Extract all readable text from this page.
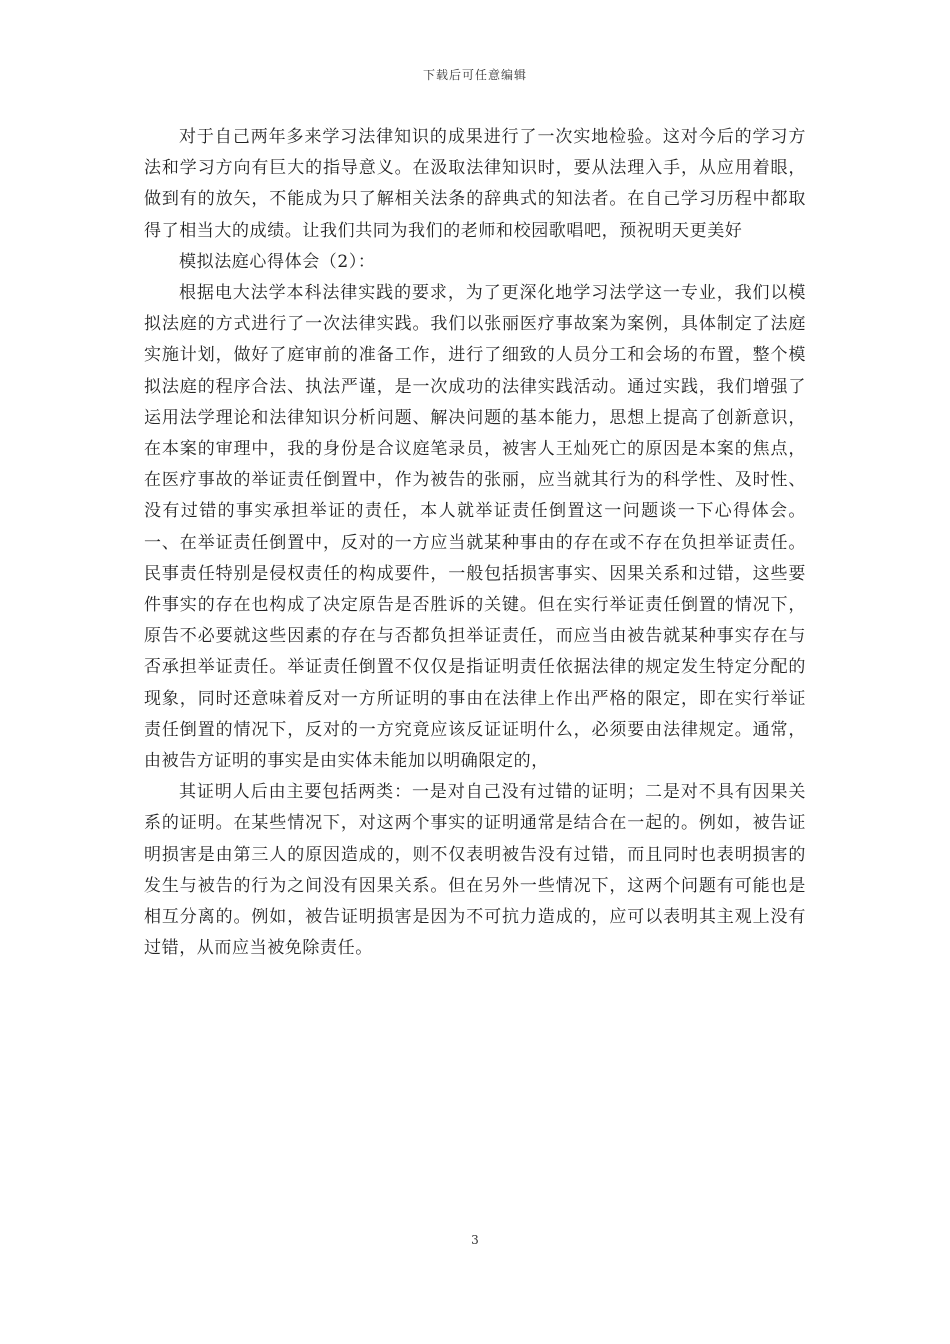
下载后可任意编辑

对于自己两年多来学习法律知识的成果进行了一次实地检验。这对今后的学习方法和学习方向有巨大的指导意义。在汲取法律知识时，要从法理入手，从应用着眼，做到有的放矢，不能成为只了解相关法条的辞典式的知法者。在自己学习历程中都取得了相当大的成绩。让我们共同为我们的老师和校园歌唱吧，预祝明天更美好

模拟法庭心得体会（2）：

根据电大法学本科法律实践的要求，为了更深化地学习法学这一专业，我们以模拟法庭的方式进行了一次法律实践。我们以张丽医疗事故案为案例，具体制定了法庭实施计划，做好了庭审前的准备工作，进行了细致的人员分工和会场的布置，整个模拟法庭的程序合法、执法严谨，是一次成功的法律实践活动。通过实践，我们增强了运用法学理论和法律知识分析问题、解决问题的基本能力，思想上提高了创新意识，在本案的审理中，我的身份是合议庭笔录员，被害人王灿死亡的原因是本案的焦点，在医疗事故的举证责任倒置中，作为被告的张丽，应当就其行为的科学性、及时性、没有过错的事实承担举证的责任，本人就举证责任倒置这一问题谈一下心得体会。一、在举证责任倒置中，反对的一方应当就某种事由的存在或不存在负担举证责任。民事责任特别是侵权责任的构成要件，一般包括损害事实、因果关系和过错，这些要件事实的存在也构成了决定原告是否胜诉的关键。但在实行举证责任倒置的情况下，原告不必要就这些因素的存在与否都负担举证责任，而应当由被告就某种事实存在与否承担举证责任。举证责任倒置不仅仅是指证明责任依据法律的规定发生特定分配的现象，同时还意味着反对一方所证明的事由在法律上作出严格的限定，即在实行举证责任倒置的情况下，反对的一方究竟应该反证证明什么，必须要由法律规定。通常，由被告方证明的事实是由实体未能加以明确限定的，

其证明人后由主要包括两类：一是对自己没有过错的证明；二是对不具有因果关系的证明。在某些情况下，对这两个事实的证明通常是结合在一起的。例如，被告证明损害是由第三人的原因造成的，则不仅表明被告没有过错，而且同时也表明损害的发生与被告的行为之间没有因果关系。但在另外一些情况下，这两个问题有可能也是相互分离的。例如，被告证明损害是因为不可抗力造成的，应可以表明其主观上没有过错，从而应当被免除责任。

3
